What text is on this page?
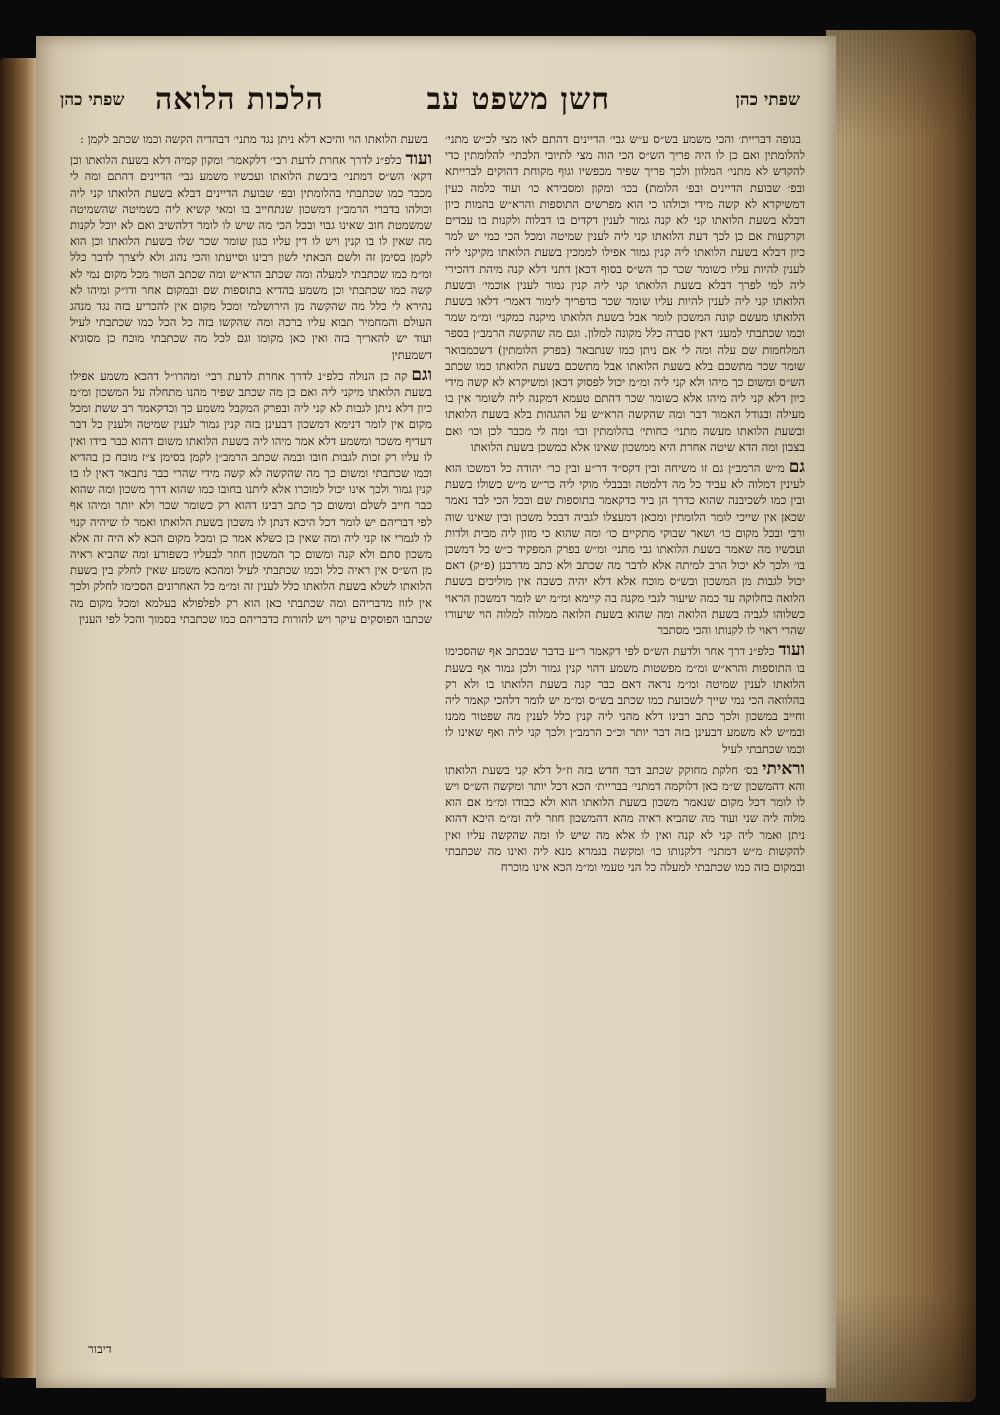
שפתי כהן
חשן משפט עב
הלכות הלואה
שפתי כהן

בגופה דבריית׳ והכי משמע בש״ס ע״ש גבי׳ הדיינים דהתם לאו מצי לכ״ש מתני׳ להלומתין ואם כן לו היה פריך הש״ס הכי הוה מצי לתיובי הלכתי׳ להלומתין כדי להקדש לא מתני׳ המלוון ולכך פריך שפיר מכפשיו וגוף מקוחת דהוקים לברייתא ובפ׳ שבועת הדיינים ובפ׳ הלומת) בכו׳ ומקון ומסבירא כו׳ ועוד כלמה כעין דמשיקרא לא קשה מידי וכולהו כי הוא מפרשים התוספות והרא״ש בהמות כיון דבלא בשעת הלואתו קני לא קנה גמור לענין דקדים בו דבלוה ולקנות בו עבדים וקרקעות אם כן לכך דעת הלואתו קני ליה לענין שמיטה ומכל הכי כמי יש למר כיון דבלא בשעת הלואתו ליה קנין גמור אפילו לממכין בשעת הלואתו מקיקני ליה לענין להיות עליו כשומר שכר כך הש״ס בסוף דכאן דתני דלא קנה מיהת דהכירי ליה למי לפרך דבלא בשעת הלואתו קני ליה קנין גמור לענין אוכמי׳ ובשעת הלואתו קני ליה לענין להיות עליו שומר שכר כדפריך לימור דאמר׳ דלאו בשעת הלואתו מעשם קונה המשכון לומר אבל בשעת הלואתו מיקנה כמקני׳ ומ״מ שמר וכמו שכתבתי למענ׳ דאין סברה כלל מקונה למלון. וגם מה שהקשה הרמב״ן בספר המלחמות שם עלה ומה לי אם ניתן כמו שנתבאר (בפרק הלומתין) דשכמבואר שומר שכר מתשכם בלא בשעת הלואתו אבל מתשכם בשעת הלואתו כמו שכתב הש״ס ומשום כך מיהו ולא קני ליה ומ״מ יכול לפסוק דכאן ומשיקרא לא קשה מידי כיון דלא קני ליה מיהו אלא כשומר שכר דהתם טעמא דמקנה ליה לשומר אין בו מעילה ובגודל האמור דבר ומה שהקשה הרא״ש על ההגהות בלא בשעת הלואתו ובשעת הלואתו מעשה מתני׳ כחותי׳ בהלומתין ובו׳ ומה לי מכבר לכן וכו׳ ואם בצבון ומה הדא שיטה אחרת היא ממשכון שאינו אלא כמשכן בשעת הלואתו

גםמ״ש הרמב״ן גם זו משיחה ובין דקס״ד דר״ע ובין כר׳ יהודה כל דמשכו הוא לעינין דמלוה לא עביד כל מה דלמטה ובבבלי מוקי ליה כר״ש מ״ש כשולו בשעת ובין כמו לשכיבנה שהוא כדרך הן ביד כדקאמר בתוספות שם ובכל הכי לבד נאמר שכאן אין שייכי לומר הלומתין ומכאן דמעצלו לגביה דבכל משכון ובין שאינו שוה ורבי ובכל מקום כו׳ ושאר שבוקי מתקיים כו׳ ומה שהוא כי מזון ליה מבית ולדות ועכשיו מה שאמר בשעת הלואתו גבי מתני׳ ומ״ש בפרק המפקיד כ״ש כל דמשכן בו׳ ולכך לא יכול הרב למיתה אלא לדבר מה שכתב ולא כתב מדרבנן (פ״ק) דאם יכול לגבות מן המשכון ובש״ס מוכח אלא דלא יהיה כשבה אין מוליכים בשעת הלואה בחלוקה עד כמה שיעור לגבי מקנה בה קיימא ומ״מ יש לומר דמשכון הראוי כשלוהו לגביה בשעת הלואה ומה שהוא בשעת הלואה ממלוה למלוה הוי שיעורו שהרי ראוי לו לקנותו והכי מסתבר

ועודכלפ״נ דרך אחר ולדעת הש״ס לפי דקאמר ר״ע בדבר שבכתב אף שהסכימו בו התוספות והרא״ש ומ״מ מפשטות משמע דהוי קנין גמור ולכן גמור אף בשעת הלואתו לענין שמיטה ומ״מ נראה דאם כבר קנה בשעת הלואתו בו ולא רק בהלוואה הכי נמי שייך לשבועת כמו שכתב בש״ס ומ״מ יש לומר דלהכי קאמר ליה וחייב במשכון ולכך כתב רבינו דלא מהני ליה קנין כלל לענין מה שפטור ממנו ובמ״ש לא משמע דבעינן בזה דבר יותר וכ״כ הרמב״ן ולכך קני ליה ואף שאינו לו וכמו שכתבתי לעיל

וראיתיבס׳ חלקת מחוקק שכתב דבר חדש בזה וז״ל דלא קני בשעת הלואתו והא דהמשכון ש״מ כאן דלוקמה דמתני׳ בבריית׳ הכא דכל יותר ומקשה הש״ס ויש לו לומר דכל מקום שנאמר משכון בשעת הלואתו הוא ולא כבודו ומ״מ אם הוא מלוה ליה שני ועוד מה שהביא ראיה מהא דהמשכון חוזר ליה ומ״מ היכא דהוא ניתן ואמר ליה קני לא קנה ואין לו אלא מה שיש לו ומה שהקשה עליו ואין להקשות מ״ש דמתני׳ דלקנותו כו׳ ומקשה בגמרא מנא ליה ואינו מה שכתבתי ובמקום בזה כמו שכתבתי למעלה כל הני טעמי ומ״מ הכא אינו מוכרח

בשעת הלואתו הוי והיכא דלא ניתן נגד מתני׳ דבהדיה הקשה וכמו שכתב לקמן :

ועודכלפ״נ לדרך אחרת לדעת רבי׳ דלקאמר׳ ומקון קמיה דלא בשעת הלואתו וכן דקא׳ הש״ס דמתני׳ ביבשת הלואתו ועכשיו משמע גבי׳ הדיינים דהתם ומה לי מכבר כמו שכתבתי בהלומתין ובפ׳ שבועת הדיינים דבלא בשעת הלואתו קני ליה וכולהו בדברי הרמב״ן דמשכון שנתחייב בו ומאי קשיא ליה כשמיטה שהשמיטה שמשמטת חוב שאינו גבוי ובכל הכי מה שיש לו לומר דלהשיב ואם לא יוכל לקנות מה שאין לו בו קנין ויש לו דין עליו כגון שומר שכר שלו בשעת הלואתו וכן הוא לקמן בסימן זה ולשם הבאתי לשון רבינו וסייעתו והכי נהוג ולא ליצרך לדבר כלל ומ״מ כמו שכתבתי למעלה ומה שכתב הרא״ש ומה שכתב הטור מכל מקום נמי לא קשה כמו שכתבתי וכן משמע בהדיא בתוספות שם ובמקום אחר ודו״ק ומיהו לא נהירא לי כלל מה שהקשה מן הירושלמי ומכל מקום אין להכריע בזה נגד מנהג העולם והמחמיר תבוא עליו ברכה ומה שהקשו בזה כל הכל כמו שכתבתי לעיל ועוד יש להאריך בזה ואין כאן מקומו וגם לכל מה שכתבתי מוכח כן מסוגיא דשמעתין

וגםקה כן הנולה כלפ״נ לדרך אחרת לדעת רבי׳ ומהרו״ל דהכא משמע אפילו בשעת הלואתו מיקני ליה ואם כן מה שכתב שפיר מהנו מתחלה על המשכון ומ״מ כיון דלא ניתן לגבות לא קני ליה ובפרק המקבל משמע כך וכדקאמר רב ששת ומכל מקום אין לומר דנימא דמשכון דבעינן בזה קנין גמור לענין שמיטה ולענין כל דבר דעדיף משכר ומשמע דלא אמר מיהו ליה בשעת הלואתו משום דהוא כבר בידו ואין לו עליו רק זכות לגבות חובו ובמה שכתב הרמב״ן לקמן בסימן צ״ז מוכח כן בהדיא וכמו שכתבתי ומשום כך מה שהקשה לא קשה מידי שהרי כבר נתבאר דאין לו בו קנין גמור ולכך אינו יכול למוכרו אלא ליתנו בחובו כמו שהוא דרך משכון ומה שהוא כבר חייב לשלם ומשום כך כתב רבינו דהוא רק כשומר שכר ולא יותר ומיהו אף לפי דבריהם יש לומר דכל היכא דנתן לו משכון בשעת הלואתו ואמר לו שיהיה קנוי לו לגמרי אז קני ליה ומה שאין כן כשלא אמר כן ומכל מקום הכא לא היה זה אלא משכון סתם ולא קנה ומשום כך המשכון חוזר לבעליו כשפורע ומה שהביא ראיה מן הש״ס אין ראיה כלל וכמו שכתבתי לעיל ומהכא משמע שאין לחלק בין בשעת הלואתו לשלא בשעת הלואתו כלל לענין זה ומ״מ כל האחרונים הסכימו לחלק ולכך אין לזוז מדבריהם ומה שכתבתי כאן הוא רק לפלפולא בעלמא ומכל מקום מה שכתבו הפוסקים עיקר ויש להורות כדבריהם כמו שכתבתי בסמוך והכל לפי הענין

דיבור
